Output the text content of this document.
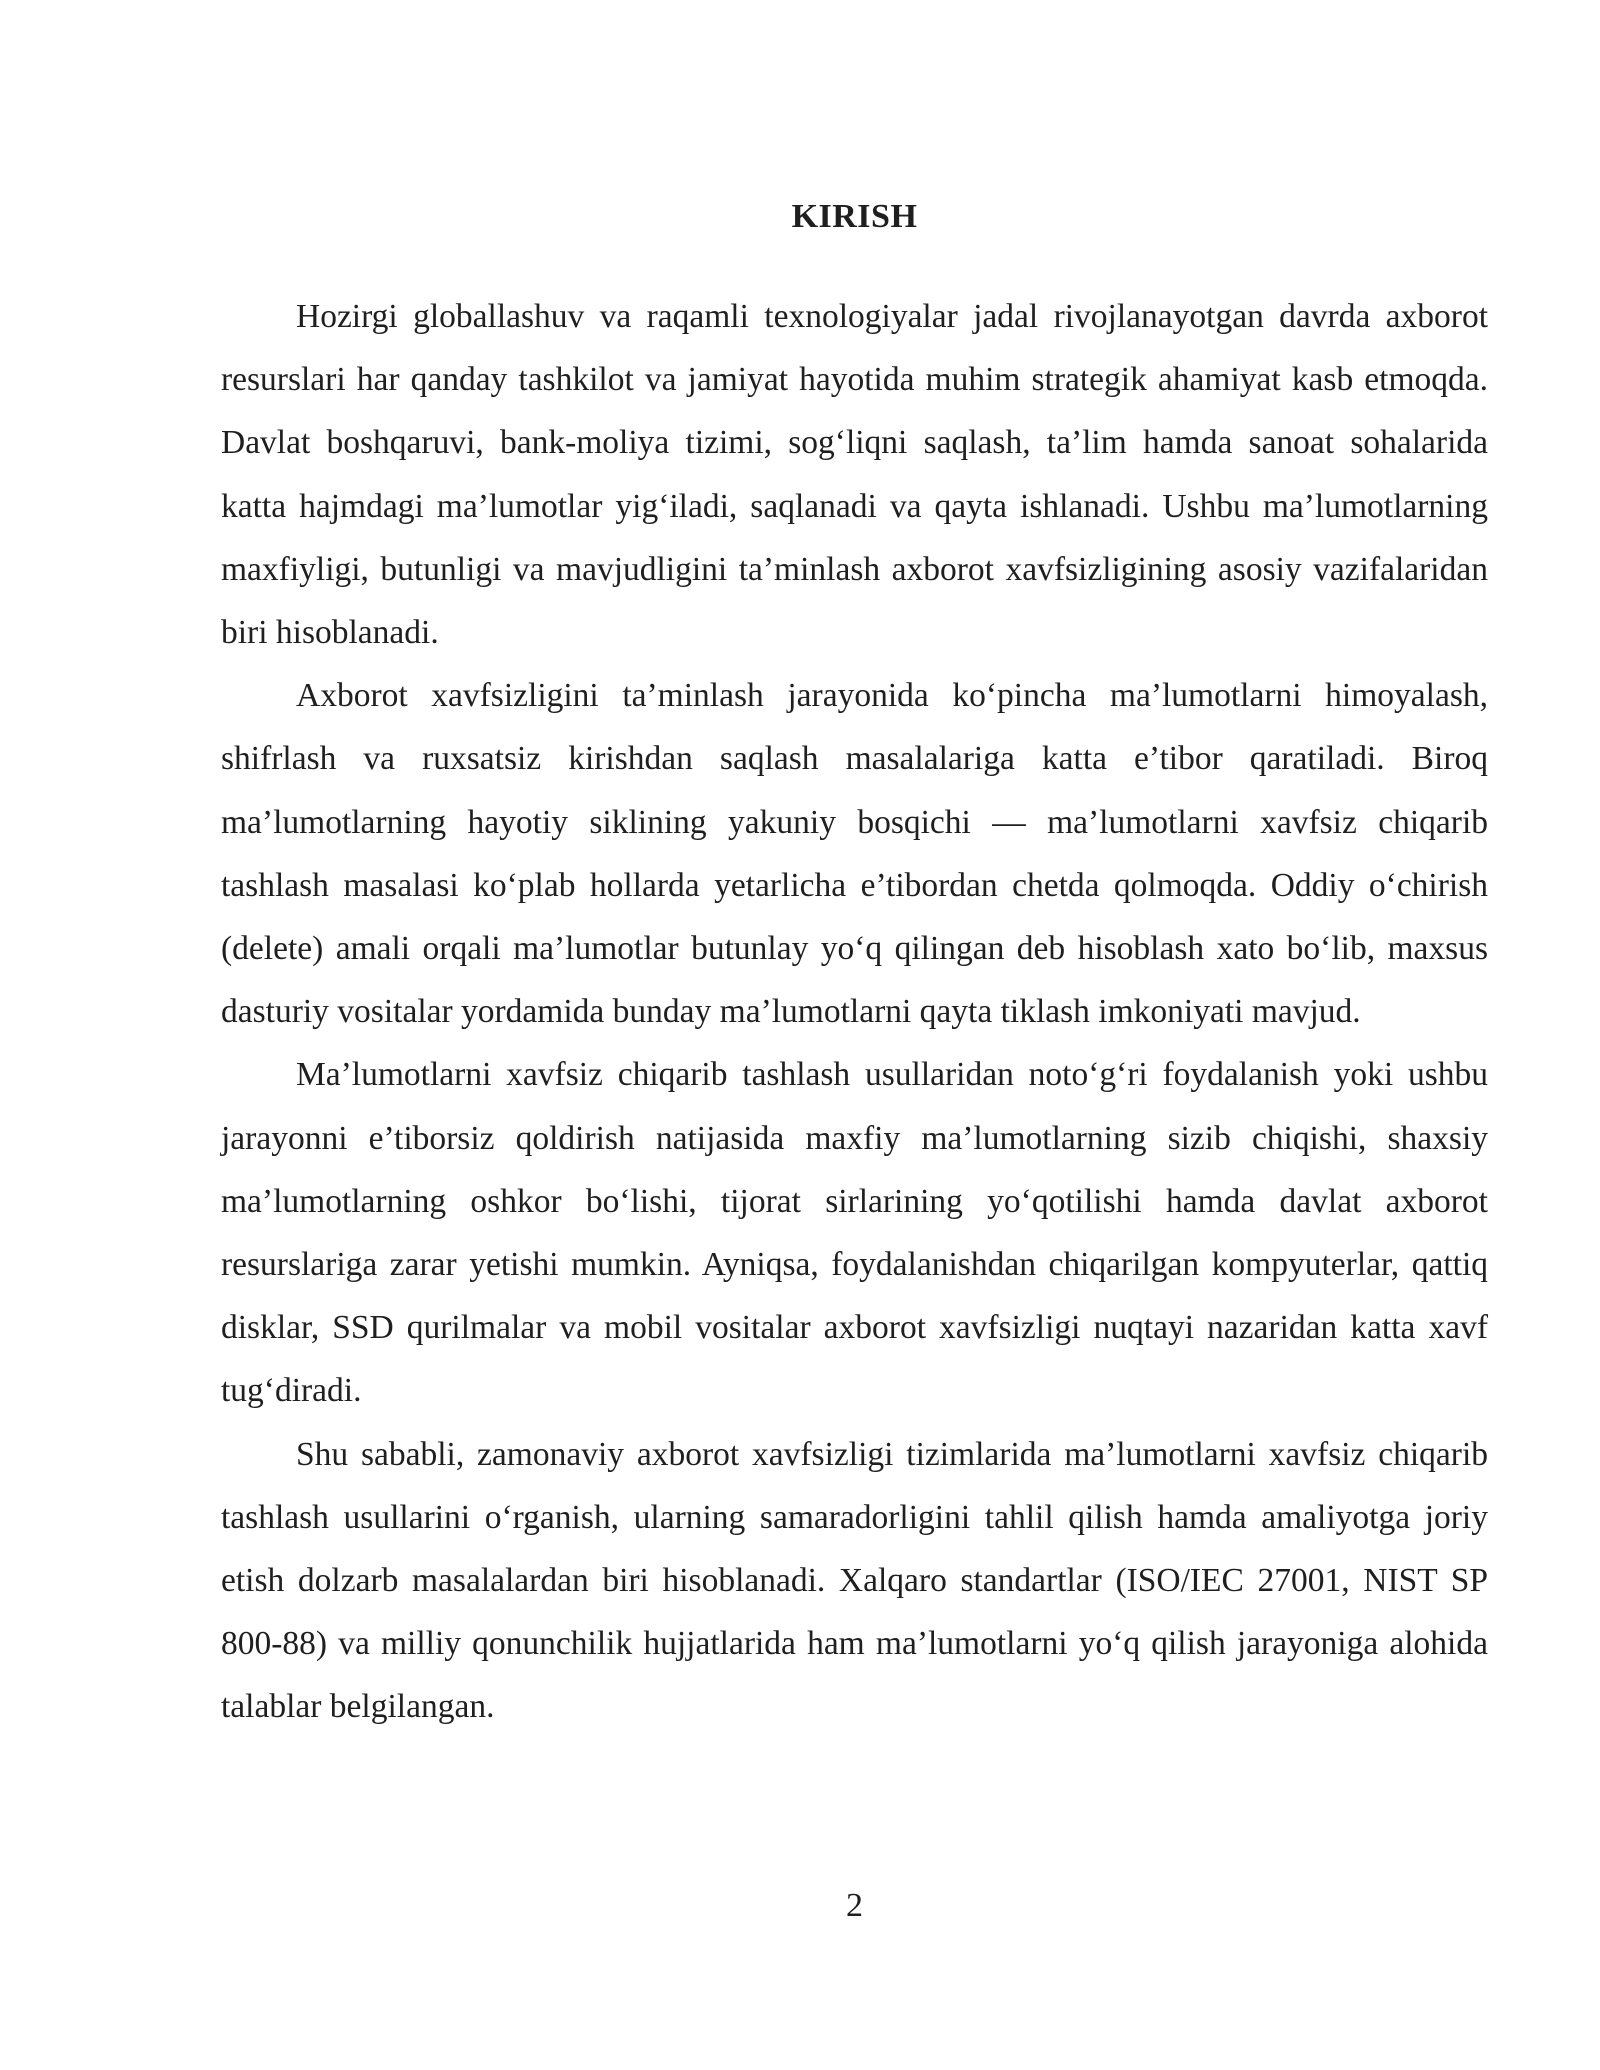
KIRISH

Hozirgi globallashuv va raqamli texnologiyalar jadal rivojlanayotgan davrda axborot resurslari har qanday tashkilot va jamiyat hayotida muhim strategik ahamiyat kasb etmoqda. Davlat boshqaruvi, bank-moliya tizimi, sog‘liqni saqlash, ta’lim hamda sanoat sohalarida katta hajmdagi ma’lumotlar yig‘iladi, saqlanadi va qayta ishlanadi. Ushbu ma’lumotlarning maxfiyligi, butunligi va mavjudligini ta’minlash axborot xavfsizligining asosiy vazifalaridan biri hisoblanadi.

Axborot xavfsizligini ta’minlash jarayonida ko‘pincha ma’lumotlarni himoyalash, shifrlash va ruxsatsiz kirishdan saqlash masalalariga katta e’tibor qaratiladi. Biroq ma’lumotlarning hayotiy siklining yakuniy bosqichi — ma’lumotlarni xavfsiz chiqarib tashlash masalasi ko‘plab hollarda yetarlicha e’tibordan chetda qolmoqda. Oddiy o‘chirish (delete) amali orqali ma’lumotlar butunlay yo‘q qilingan deb hisoblash xato bo‘lib, maxsus dasturiy vositalar yordamida bunday ma’lumotlarni qayta tiklash imkoniyati mavjud.

Ma’lumotlarni xavfsiz chiqarib tashlash usullaridan noto‘g‘ri foydalanish yoki ushbu jarayonni e’tiborsiz qoldirish natijasida maxfiy ma’lumotlarning sizib chiqishi, shaxsiy ma’lumotlarning oshkor bo‘lishi, tijorat sirlarining yo‘qotilishi hamda davlat axborot resurslariga zarar yetishi mumkin. Ayniqsa, foydalanishdan chiqarilgan kompyuterlar, qattiq disklar, SSD qurilmalar va mobil vositalar axborot xavfsizligi nuqtayi nazaridan katta xavf tug‘diradi.

Shu sababli, zamonaviy axborot xavfsizligi tizimlarida ma’lumotlarni xavfsiz chiqarib tashlash usullarini o‘rganish, ularning samaradorligini tahlil qilish hamda amaliyotga joriy etish dolzarb masalalardan biri hisoblanadi. Xalqaro standartlar (ISO/IEC 27001, NIST SP 800-88) va milliy qonunchilik hujjatlarida ham ma’lumotlarni yo‘q qilish jarayoniga alohida talablar belgilangan.

2
